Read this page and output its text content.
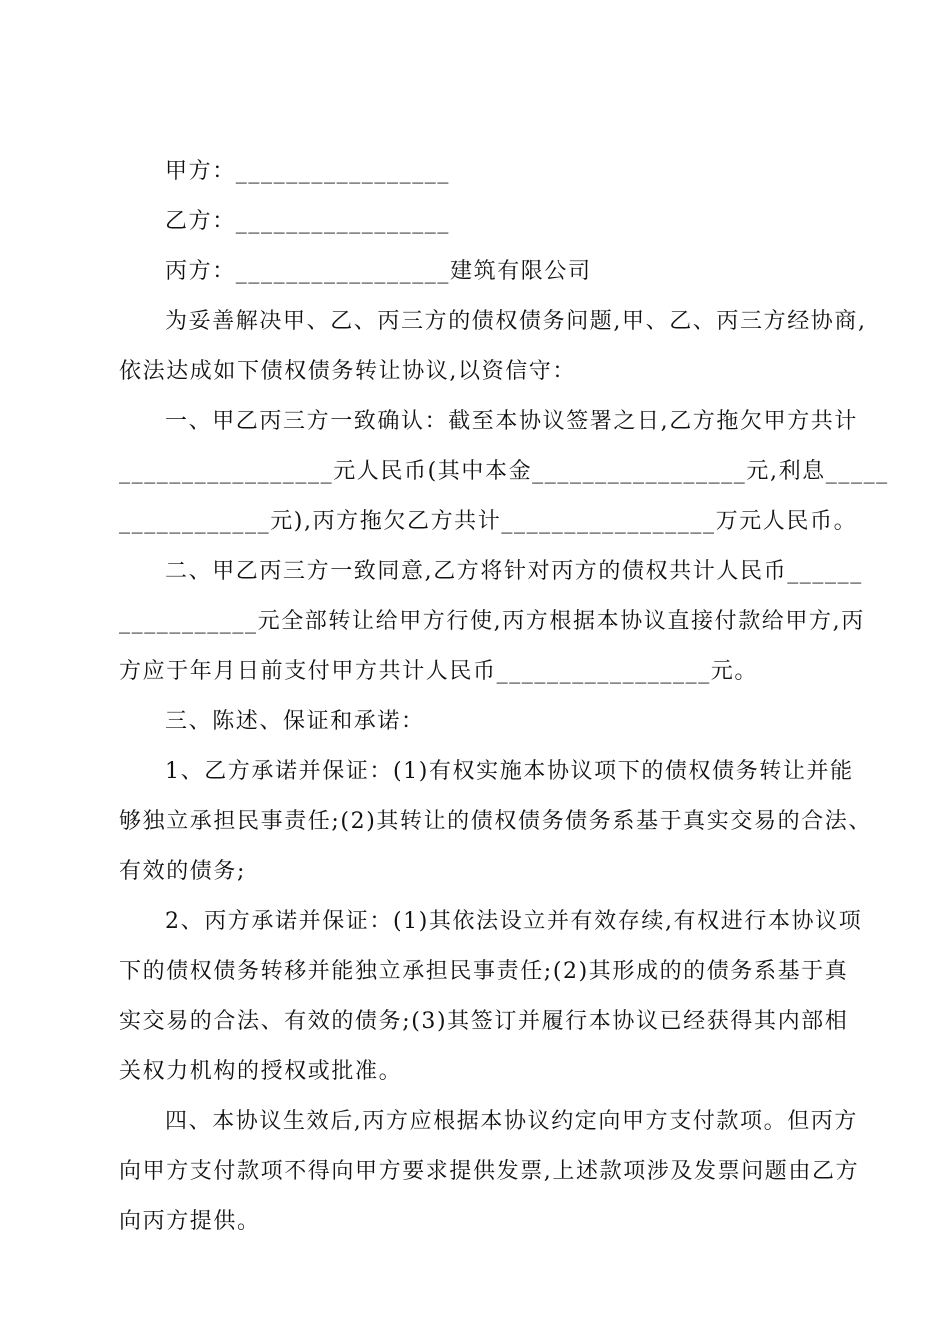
甲方：_________________
乙方：_________________
丙方：_________________建筑有限公司
为妥善解决甲、乙、丙三方的债权债务问题,甲、乙、丙三方经协商,
依法达成如下债权债务转让协议,以资信守：
一、甲乙丙三方一致确认：截至本协议签署之日,乙方拖欠甲方共计
_________________元人民币(其中本金_________________元,利息_____
____________元),丙方拖欠乙方共计_________________万元人民币。
二、甲乙丙三方一致同意,乙方将针对丙方的债权共计人民币______
___________元全部转让给甲方行使,丙方根据本协议直接付款给甲方,丙
方应于年月日前支付甲方共计人民币_________________元。
三、陈述、保证和承诺：
1、乙方承诺并保证：(1)有权实施本协议项下的债权债务转让并能
够独立承担民事责任;(2)其转让的债权债务债务系基于真实交易的合法、
有效的债务;
2、丙方承诺并保证：(1)其依法设立并有效存续,有权进行本协议项
下的债权债务转移并能独立承担民事责任;(2)其形成的的债务系基于真
实交易的合法、有效的债务;(3)其签订并履行本协议已经获得其内部相
关权力机构的授权或批准。
四、本协议生效后,丙方应根据本协议约定向甲方支付款项。但丙方
向甲方支付款项不得向甲方要求提供发票,上述款项涉及发票问题由乙方
向丙方提供。
